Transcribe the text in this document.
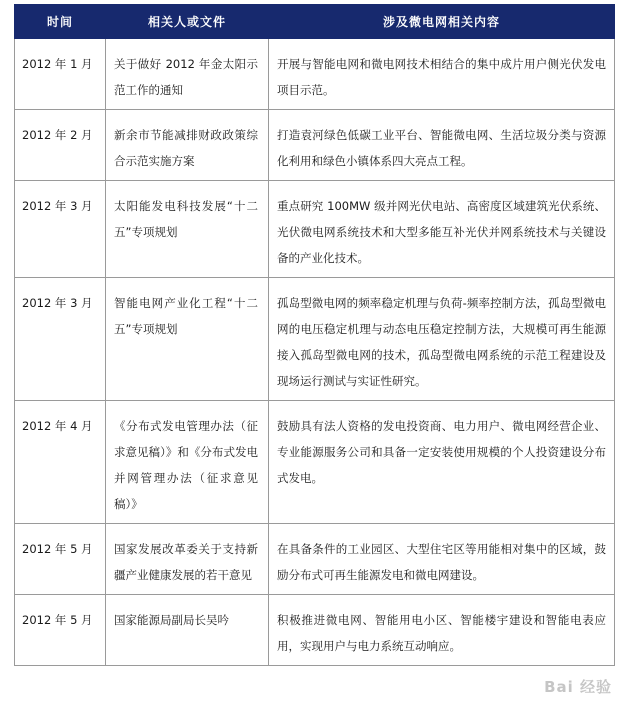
时间	相关人或文件	涉及微电网相关内容
2012 年 1 月	关于做好 2012 年金太阳示范工作的通知	开展与智能电网和微电网技术相结合的集中成片用户侧光伏发电项目示范。
2012 年 2 月	新余市节能减排财政政策综合示范实施方案	打造袁河绿色低碳工业平台、智能微电网、生活垃圾分类与资源化利用和绿色小镇体系四大亮点工程。
2012 年 3 月	太阳能发电科技发展“十二五”专项规划	重点研究 100MW 级并网光伏电站、高密度区域建筑光伏系统、光伏微电网系统技术和大型多能互补光伏并网系统技术与关键设备的产业化技术。
2012 年 3 月	智能电网产业化工程“十二五”专项规划	孤岛型微电网的频率稳定机理与负荷-频率控制方法，孤岛型微电网的电压稳定机理与动态电压稳定控制方法，大规模可再生能源接入孤岛型微电网的技术，孤岛型微电网系统的示范工程建设及现场运行测试与实证性研究。
2012 年 4 月	《分布式发电管理办法（征求意见稿）》和《分布式发电并网管理办法（征求意见稿）》	鼓励具有法人资格的发电投资商、电力用户、微电网经营企业、专业能源服务公司和具备一定安装使用规模的个人投资建设分布式发电。
2012 年 5 月	国家发展改革委关于支持新疆产业健康发展的若干意见	在具备条件的工业园区、大型住宅区等用能相对集中的区域，鼓励分布式可再生能源发电和微电网建设。
2012 年 5 月	国家能源局副局长吴吟	积极推进微电网、智能用电小区、智能楼宇建设和智能电表应用，实现用户与电力系统互动响应。
Bai 经验
